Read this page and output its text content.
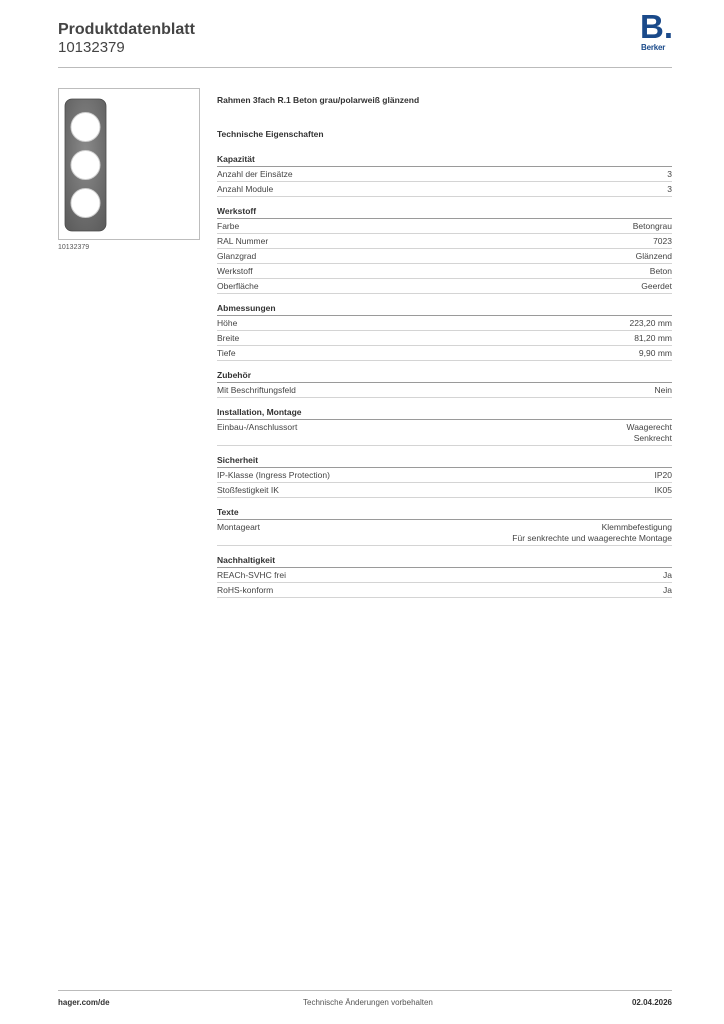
Produktdatenblatt
10132379
B.
Berker
10132379
Rahmen 3fach R.1 Beton grau/polarweiß glänzend
Technische Eigenschaften
Kapazität
Anzahl der Einsätze	3
Anzahl Module	3
Werkstoff
Farbe	Betongrau
RAL Nummer	7023
Glanzgrad	Glänzend
Werkstoff	Beton
Oberfläche	Geerdet
Abmessungen
Höhe	223,20 mm
Breite	81,20 mm
Tiefe	9,90 mm
Zubehör
Mit Beschriftungsfeld	Nein
Installation, Montage
Einbau-/Anschlussort	Waagerecht
Senkrecht
Sicherheit
IP-Klasse (Ingress Protection)	IP20
Stoßfestigkeit IK	IK05
Texte
Montageart	Klemmbefestigung
Für senkrechte und waagerechte Montage
Nachhaltigkeit
REACh-SVHC frei	Ja
RoHS-konform	Ja
hager.com/de	Technische Änderungen vorbehalten	02.04.2026
